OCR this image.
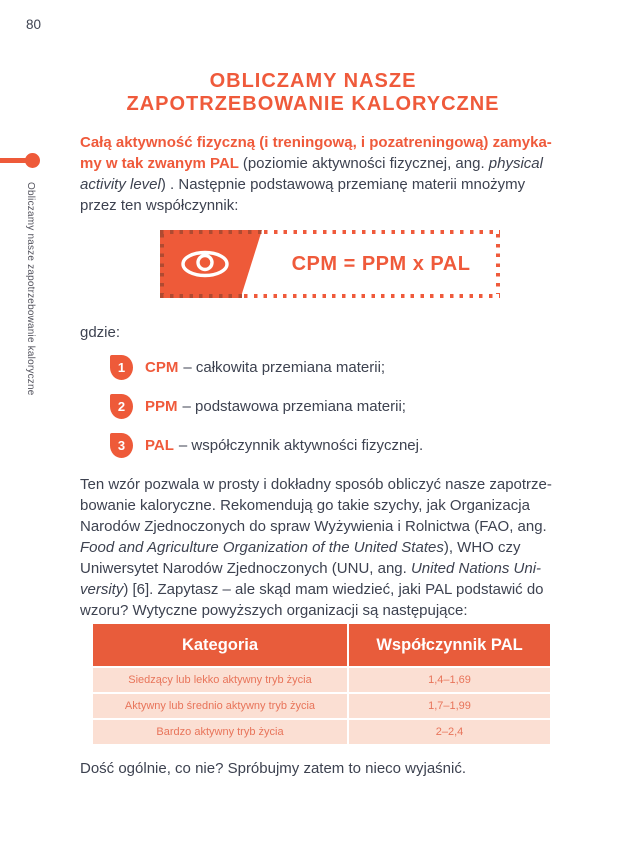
80
Obliczamy nasze zapotrzebowanie kaloryczne
OBLICZAMY NASZE
ZAPOTRZEBOWANIE KALORYCZNE
Całą aktywność fizyczną (i treningową, i pozatreningową) zamyka-
my w tak zwanym PAL (poziomie aktywności fizycznej, ang. physical
activity level) . Następnie podstawową przemianę materii mnożymy
przez ten współczynnik:
CPM = PPM x PAL
gdzie:
1	CPM – całkowita przemiana materii;
2	PPM – podstawowa przemiana materii;
3	PAL – współczynnik aktywności fizycznej.
Ten wzór pozwala w prosty i dokładny sposób obliczyć nasze zapotrze-
bowanie kaloryczne. Rekomendują go takie szychy, jak Organizacja
Narodów Zjednoczonych do spraw Wyżywienia i Rolnictwa (FAO, ang.
Food and Agriculture Organization of the United States), WHO czy
Uniwersytet Narodów Zjednoczonych (UNU, ang. United Nations Uni-
versity) [6]. Zapytasz – ale skąd mam wiedzieć, jaki PAL podstawić do
wzoru? Wytyczne powyższych organizacji są następujące:
Kategoria	Współczynnik PAL
Siedzący lub lekko aktywny tryb życia	1,4–1,69
Aktywny lub średnio aktywny tryb życia	1,7–1,99
Bardzo aktywny tryb życia	2–2,4
Dość ogólnie, co nie? Spróbujmy zatem to nieco wyjaśnić.
